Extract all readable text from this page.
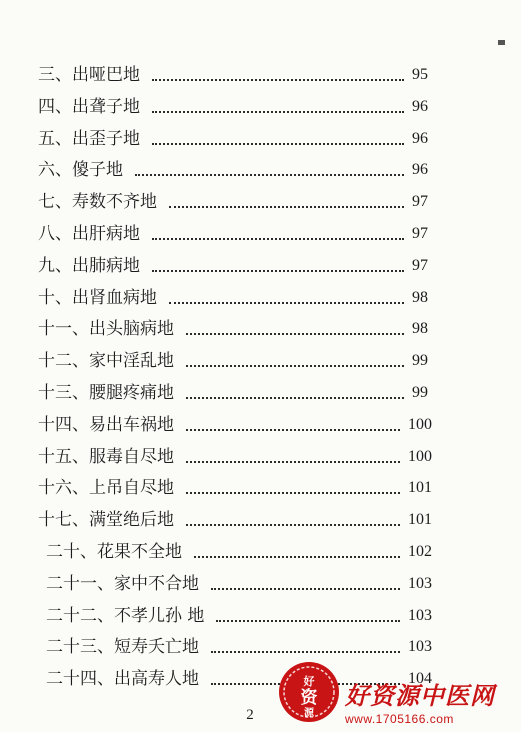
三、出哑巴地	95
四、出聋子地	96
五、出歪子地	96
六、傻子地	96
七、寿数不齐地	97
八、出肝病地	97
九、出肺病地	97
十、出肾血病地	98
十一、出头脑病地	98
十二、家中淫乱地	99
十三、腰腿疼痛地	99
十四、易出车祸地	100
十五、服毒自尽地	100
十六、上吊自尽地	101
十七、满堂绝后地	101
二十、花果不全地	102
二十一、家中不合地	103
二十二、不孝儿孙 地	103
二十三、短寿夭亡地	103
二十四、出高寿人地	104
2
好
资
源
好资源中医网
www.1705166.com
